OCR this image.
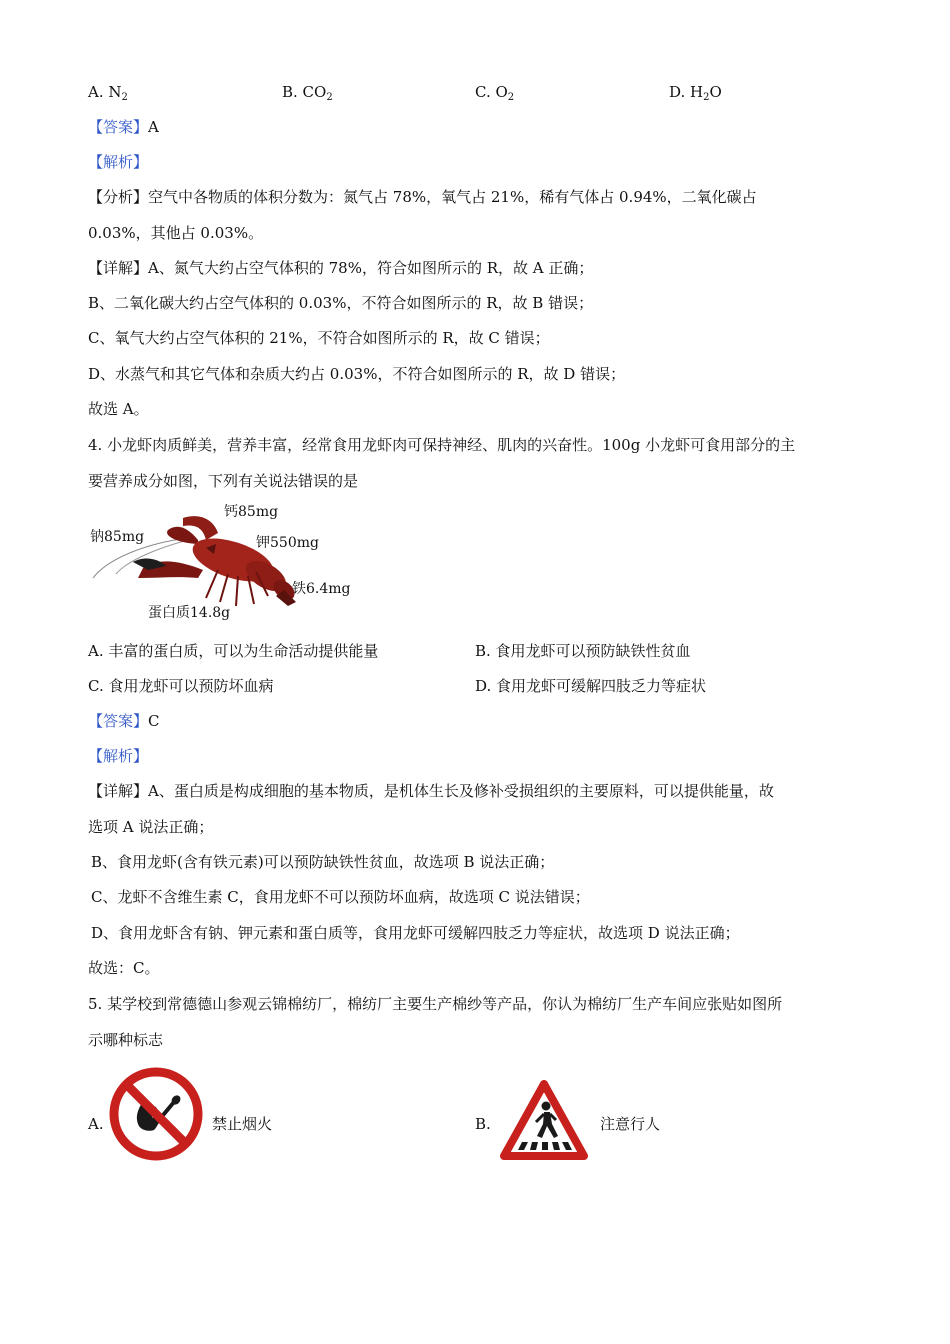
A. $N_2$	B. $CO_2$	C. $O_2$	D. $H_2O$
【答案】A
【解析】
【分析】空气中各物质的体积分数为：氮气占 78%，氧气占 21%，稀有气体占 0.94%，二氧化碳占
0.03%，其他占 0.03%。
【详解】A、氮气大约占空气体积的 78%，符合如图所示的 R，故 A 正确；
B、二氧化碳大约占空气体积的 0.03%，不符合如图所示的 R，故 B 错误；
C、氧气大约占空气体积的 21%，不符合如图所示的 R，故 C 错误；
D、水蒸气和其它气体和杂质大约占 0.03%，不符合如图所示的 R，故 D 错误；
故选 A。
4. 小龙虾肉质鲜美，营养丰富，经常食用龙虾肉可保持神经、肌肉的兴奋性。100g 小龙虾可食用部分的主
要营养成分如图，下列有关说法错误的是
钙85mg
钠85mg	钾550mg
铁6.4mg
蛋白质14.8g
A. 丰富的蛋白质，可以为生命活动提供能量	B. 食用龙虾可以预防缺铁性贫血
C. 食用龙虾可以预防坏血病	D. 食用龙虾可缓解四肢乏力等症状
【答案】C
【解析】
【详解】A、蛋白质是构成细胞的基本物质，是机体生长及修补受损组织的主要原料，可以提供能量，故
选项 A 说法正确；
B、食用龙虾(含有铁元素)可以预防缺铁性贫血，故选项 B 说法正确；
C、龙虾不含维生素 C，食用龙虾不可以预防坏血病，故选项 C 说法错误；
D、食用龙虾含有钠、钾元素和蛋白质等，食用龙虾可缓解四肢乏力等症状，故选项 D 说法正确；
故选：C。
5. 某学校到常德德山参观云锦棉纺厂，棉纺厂主要生产棉纱等产品，你认为棉纺厂生产车间应张贴如图所
示哪种标志
A.	禁止烟火	B.	注意行人
